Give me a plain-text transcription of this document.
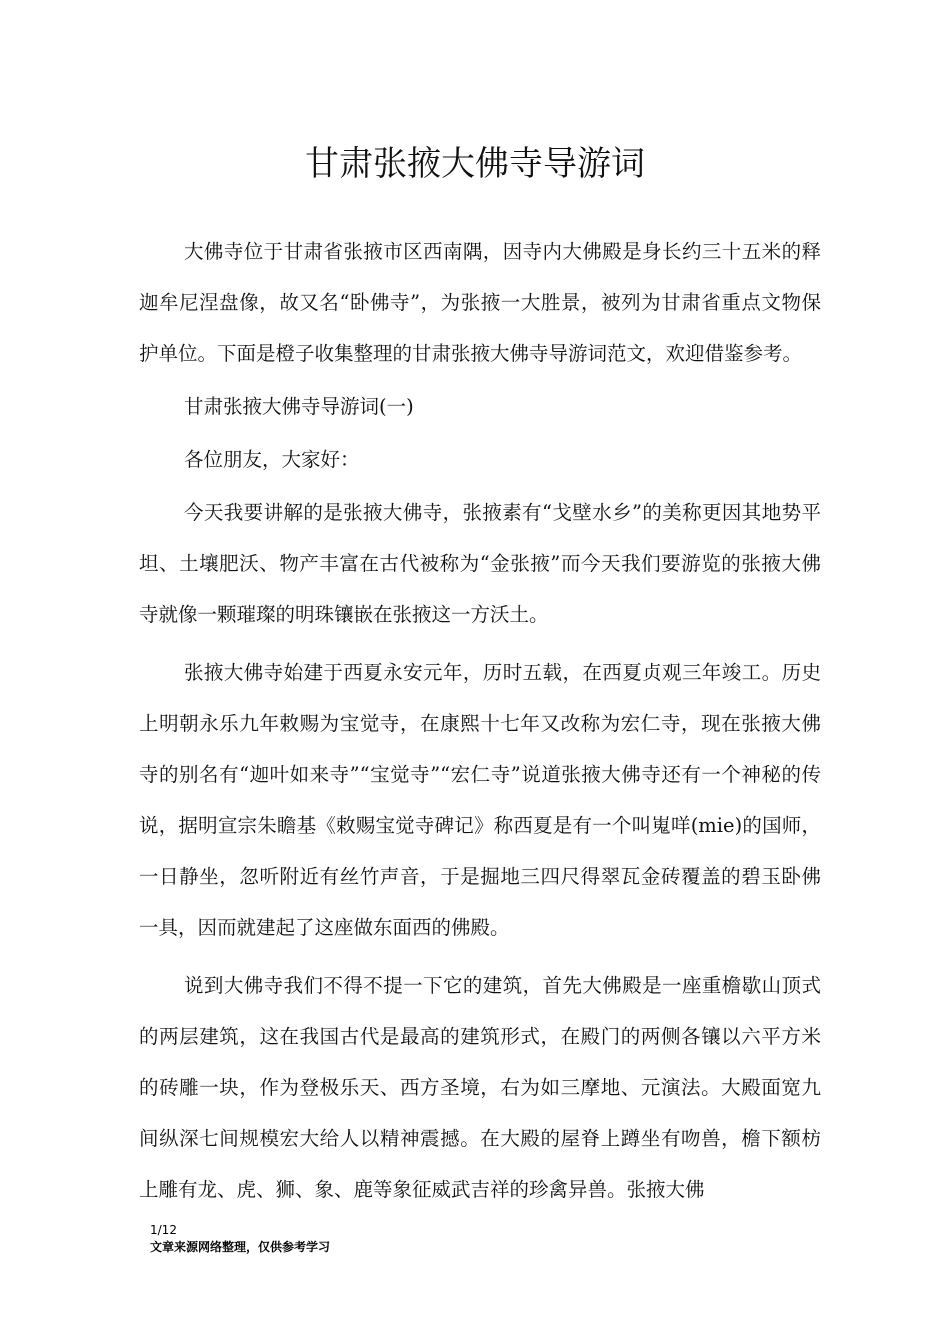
甘肃张掖大佛寺导游词

大佛寺位于甘肃省张掖市区西南隅，因寺内大佛殿是身长约三十五米的释迦牟尼涅盘像，故又名“卧佛寺”，为张掖一大胜景，被列为甘肃省重点文物保护单位。下面是橙子收集整理的甘肃张掖大佛寺导游词范文，欢迎借鉴参考。

甘肃张掖大佛寺导游词(一)

各位朋友，大家好：

今天我要讲解的是张掖大佛寺，张掖素有“戈壁水乡”的美称更因其地势平坦、土壤肥沃、物产丰富在古代被称为“金张掖”而今天我们要游览的张掖大佛寺就像一颗璀璨的明珠镶嵌在张掖这一方沃土。

张掖大佛寺始建于西夏永安元年，历时五载，在西夏贞观三年竣工。历史上明朝永乐九年敕赐为宝觉寺，在康熙十七年又改称为宏仁寺，现在张掖大佛寺的别名有“迦叶如来寺”“宝觉寺”“宏仁寺”说道张掖大佛寺还有一个神秘的传说，据明宣宗朱瞻基《敕赐宝觉寺碑记》称西夏是有一个叫嵬咩(mie)的国师，一日静坐，忽听附近有丝竹声音，于是掘地三四尺得翠瓦金砖覆盖的碧玉卧佛一具，因而就建起了这座做东面西的佛殿。

说到大佛寺我们不得不提一下它的建筑，首先大佛殿是一座重檐歇山顶式的两层建筑，这在我国古代是最高的建筑形式，在殿门的两侧各镶以六平方米的砖雕一块，作为登极乐天、西方圣境，右为如三摩地、元演法。大殿面宽九间纵深七间规模宏大给人以精神震撼。在大殿的屋脊上蹲坐有吻兽，檐下额枋上雕有龙、虎、狮、象、鹿等象征威武吉祥的珍禽异兽。张掖大佛

1/12
文章来源网络整理，仅供参考学习
